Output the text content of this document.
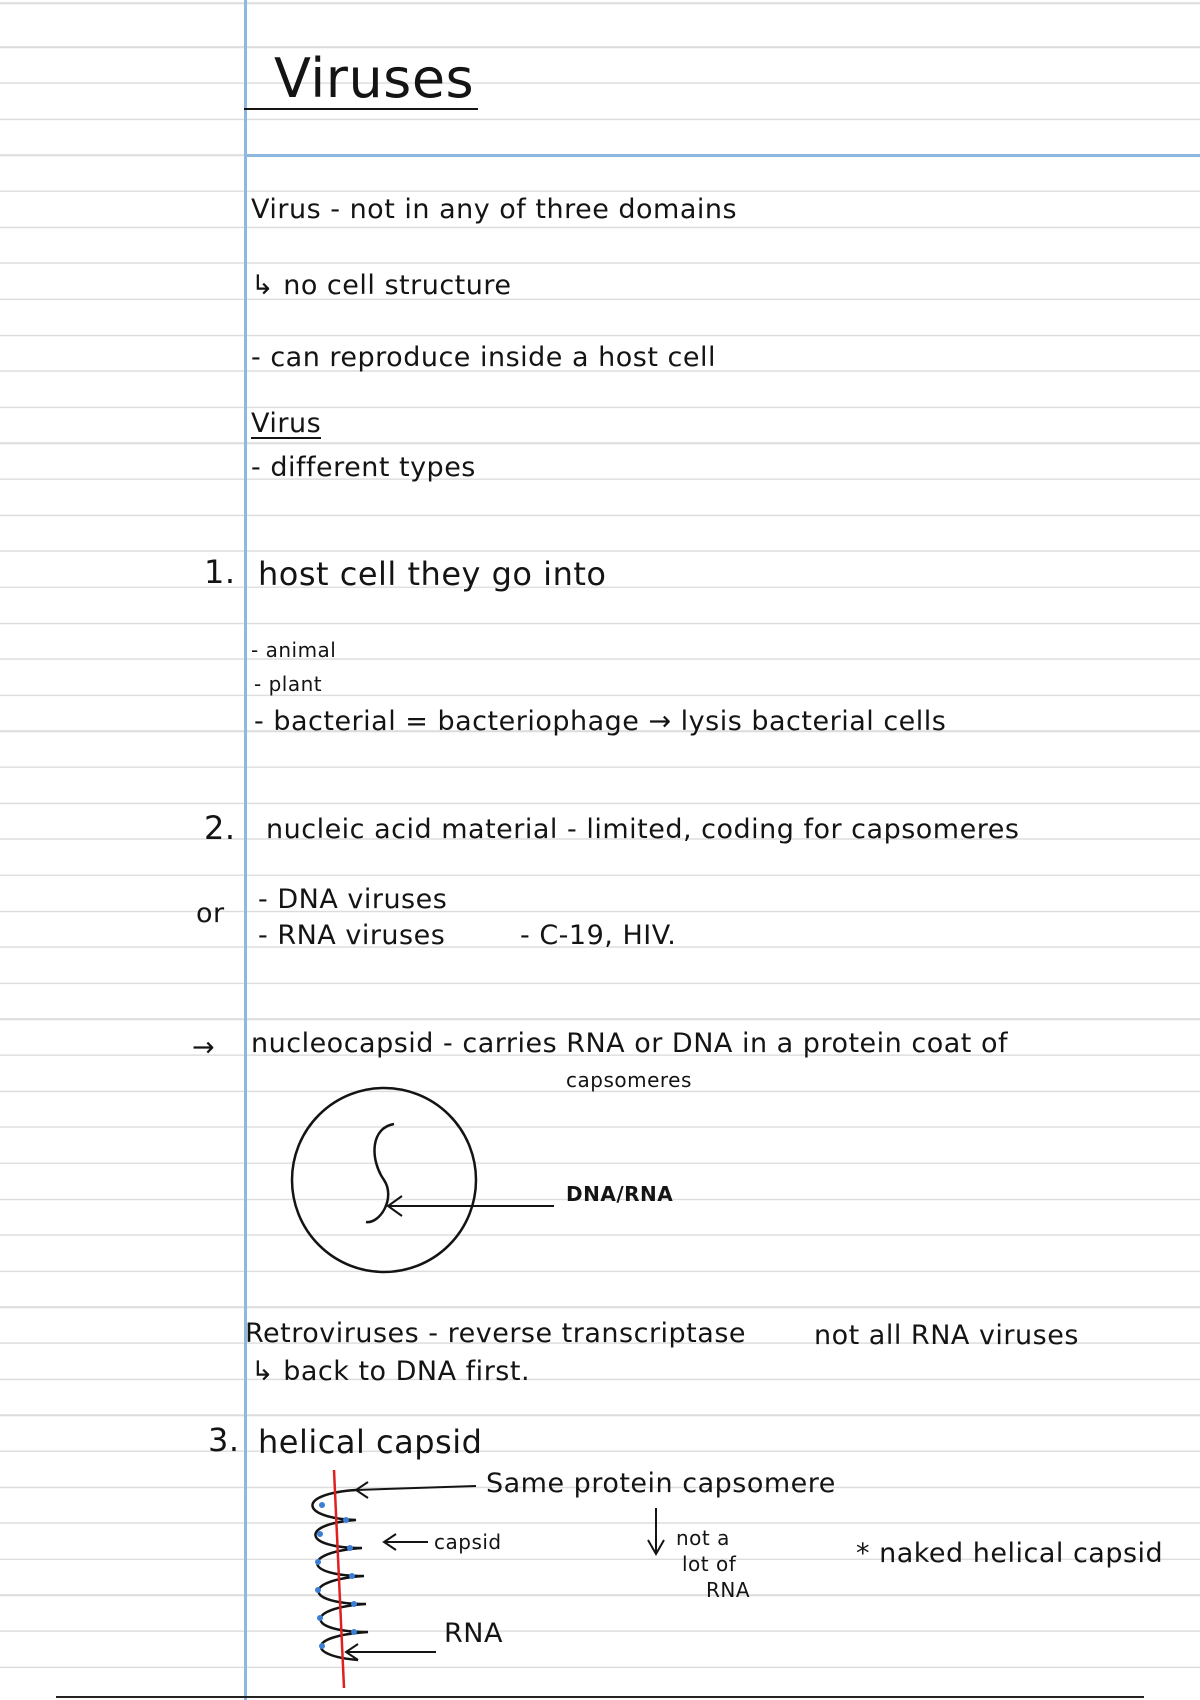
Viruses
Virus - not in any of three domains
↳ no cell structure
- can reproduce inside a host cell
Virus
- different types
1. host cell they go into
- animal
- plant
- bacterial = bacteriophage → lysis bacterial cells
2. nucleic acid material - limited, coding for capsomeres
or - DNA viruses
- RNA viruses	- C-19, HIV.
→ nucleocapsid - carries RNA or DNA in a protein coat of
capsomeres
DNA/RNA
Retroviruses - reverse transcriptase	not all RNA viruses
↳ back to DNA first.
3. helical capsid
Same protein capsomere
capsid
RNA
not a
lot of
RNA
* naked helical capsid
